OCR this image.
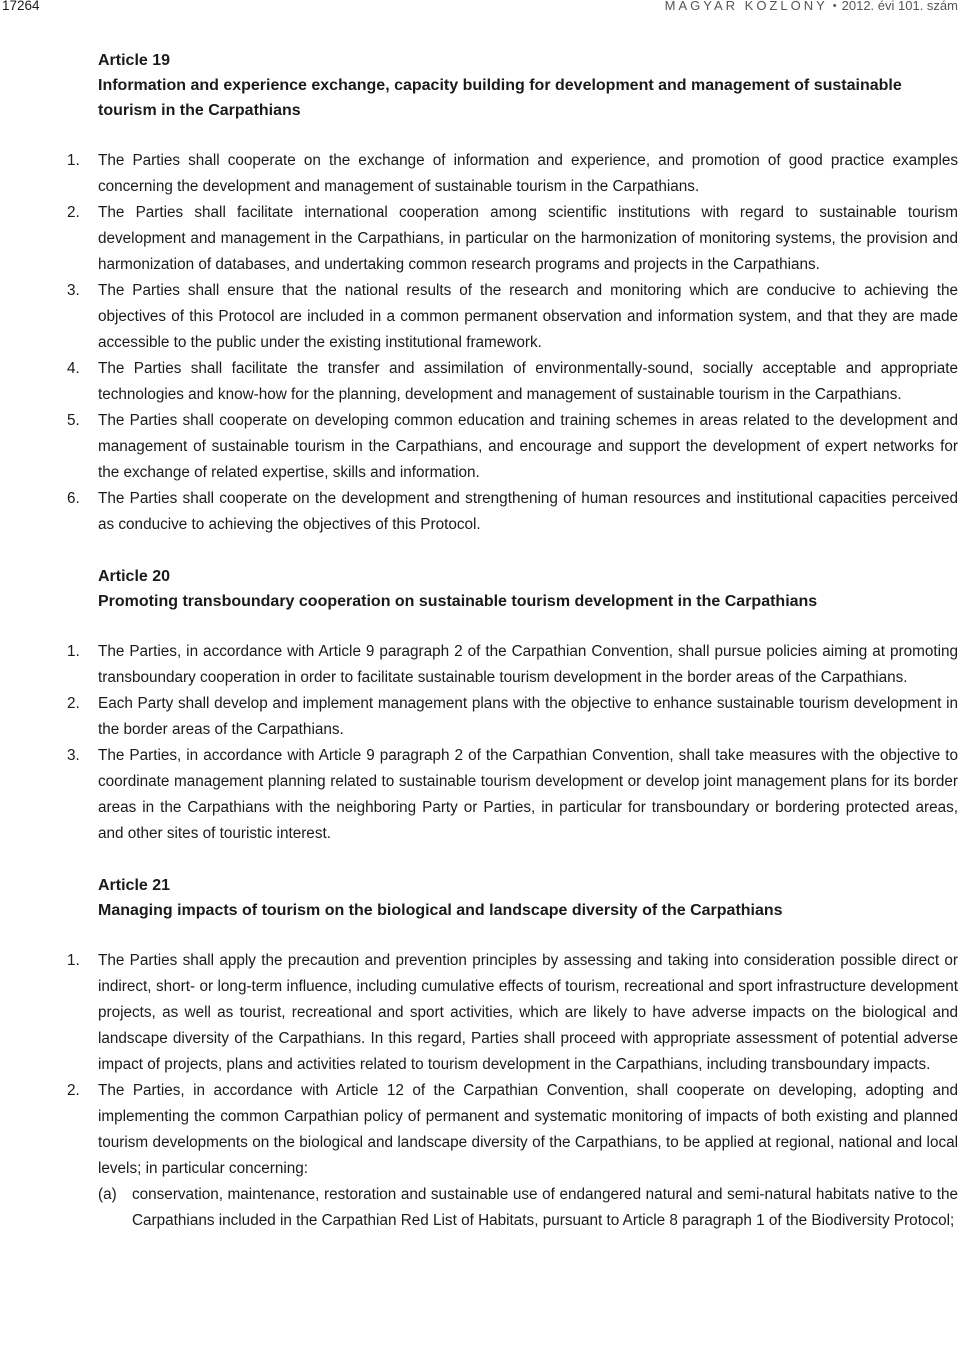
17264	MAGYAR KÖZLÖNY • 2012. évi 101. szám
Article 19
Information and experience exchange, capacity building for development and management of sustainable tourism in the Carpathians
1. The Parties shall cooperate on the exchange of information and experience, and promotion of good practice examples concerning the development and management of sustainable tourism in the Carpathians.
2. The Parties shall facilitate international cooperation among scientific institutions with regard to sustainable tourism development and management in the Carpathians, in particular on the harmonization of monitoring systems, the provision and harmonization of databases, and undertaking common research programs and projects in the Carpathians.
3. The Parties shall ensure that the national results of the research and monitoring which are conducive to achieving the objectives of this Protocol are included in a common permanent observation and information system, and that they are made accessible to the public under the existing institutional framework.
4. The Parties shall facilitate the transfer and assimilation of environmentally-sound, socially acceptable and appropriate technologies and know-how for the planning, development and management of sustainable tourism in the Carpathians.
5. The Parties shall cooperate on developing common education and training schemes in areas related to the development and management of sustainable tourism in the Carpathians, and encourage and support the development of expert networks for the exchange of related expertise, skills and information.
6. The Parties shall cooperate on the development and strengthening of human resources and institutional capacities perceived as conducive to achieving the objectives of this Protocol.
Article 20
Promoting transboundary cooperation on sustainable tourism development in the Carpathians
1. The Parties, in accordance with Article 9 paragraph 2 of the Carpathian Convention, shall pursue policies aiming at promoting transboundary cooperation in order to facilitate sustainable tourism development in the border areas of the Carpathians.
2. Each Party shall develop and implement management plans with the objective to enhance sustainable tourism development in the border areas of the Carpathians.
3. The Parties, in accordance with Article 9 paragraph 2 of the Carpathian Convention, shall take measures with the objective to coordinate management planning related to sustainable tourism development or develop joint management plans for its border areas in the Carpathians with the neighboring Party or Parties, in particular for transboundary or bordering protected areas, and other sites of touristic interest.
Article 21
Managing impacts of tourism on the biological and landscape diversity of the Carpathians
1. The Parties shall apply the precaution and prevention principles by assessing and taking into consideration possible direct or indirect, short- or long-term influence, including cumulative effects of tourism, recreational and sport infrastructure development projects, as well as tourist, recreational and sport activities, which are likely to have adverse impacts on the biological and landscape diversity of the Carpathians. In this regard, Parties shall proceed with appropriate assessment of potential adverse impact of projects, plans and activities related to tourism development in the Carpathians, including transboundary impacts.
2. The Parties, in accordance with Article 12 of the Carpathian Convention, shall cooperate on developing, adopting and implementing the common Carpathian policy of permanent and systematic monitoring of impacts of both existing and planned tourism developments on the biological and landscape diversity of the Carpathians, to be applied at regional, national and local levels; in particular concerning:
(a) conservation, maintenance, restoration and sustainable use of endangered natural and semi-natural habitats native to the Carpathians included in the Carpathian Red List of Habitats, pursuant to Article 8 paragraph 1 of the Biodiversity Protocol;
